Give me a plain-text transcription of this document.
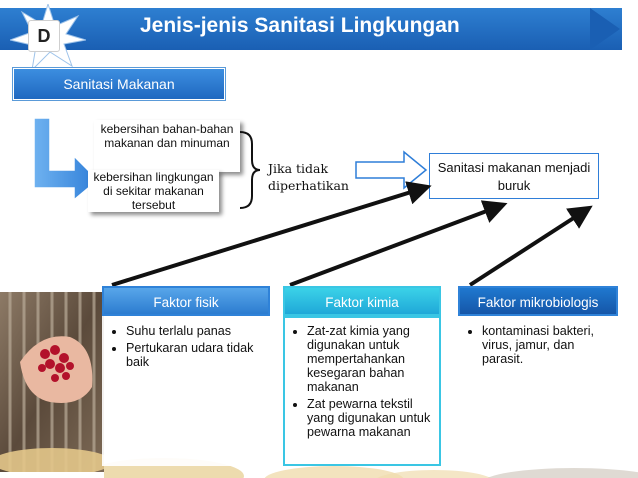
Jenis-jenis Sanitasi Lingkungan
D
Sanitasi Makanan
kebersihan bahan-bahan makanan dan minuman
kebersihan lingkungan di sekitar makanan tersebut
Jika tidak diperhatikan
Sanitasi makanan menjadi buruk
Faktor fisik
• Suhu terlalu panas
• Pertukaran udara tidak baik
Faktor kimia
• Zat-zat kimia yang digunakan untuk mempertahankan kesegaran bahan makanan
• Zat pewarna tekstil yang digunakan untuk pewarna makanan
Faktor mikrobiologis
• kontaminasi bakteri, virus, jamur, dan parasit.
